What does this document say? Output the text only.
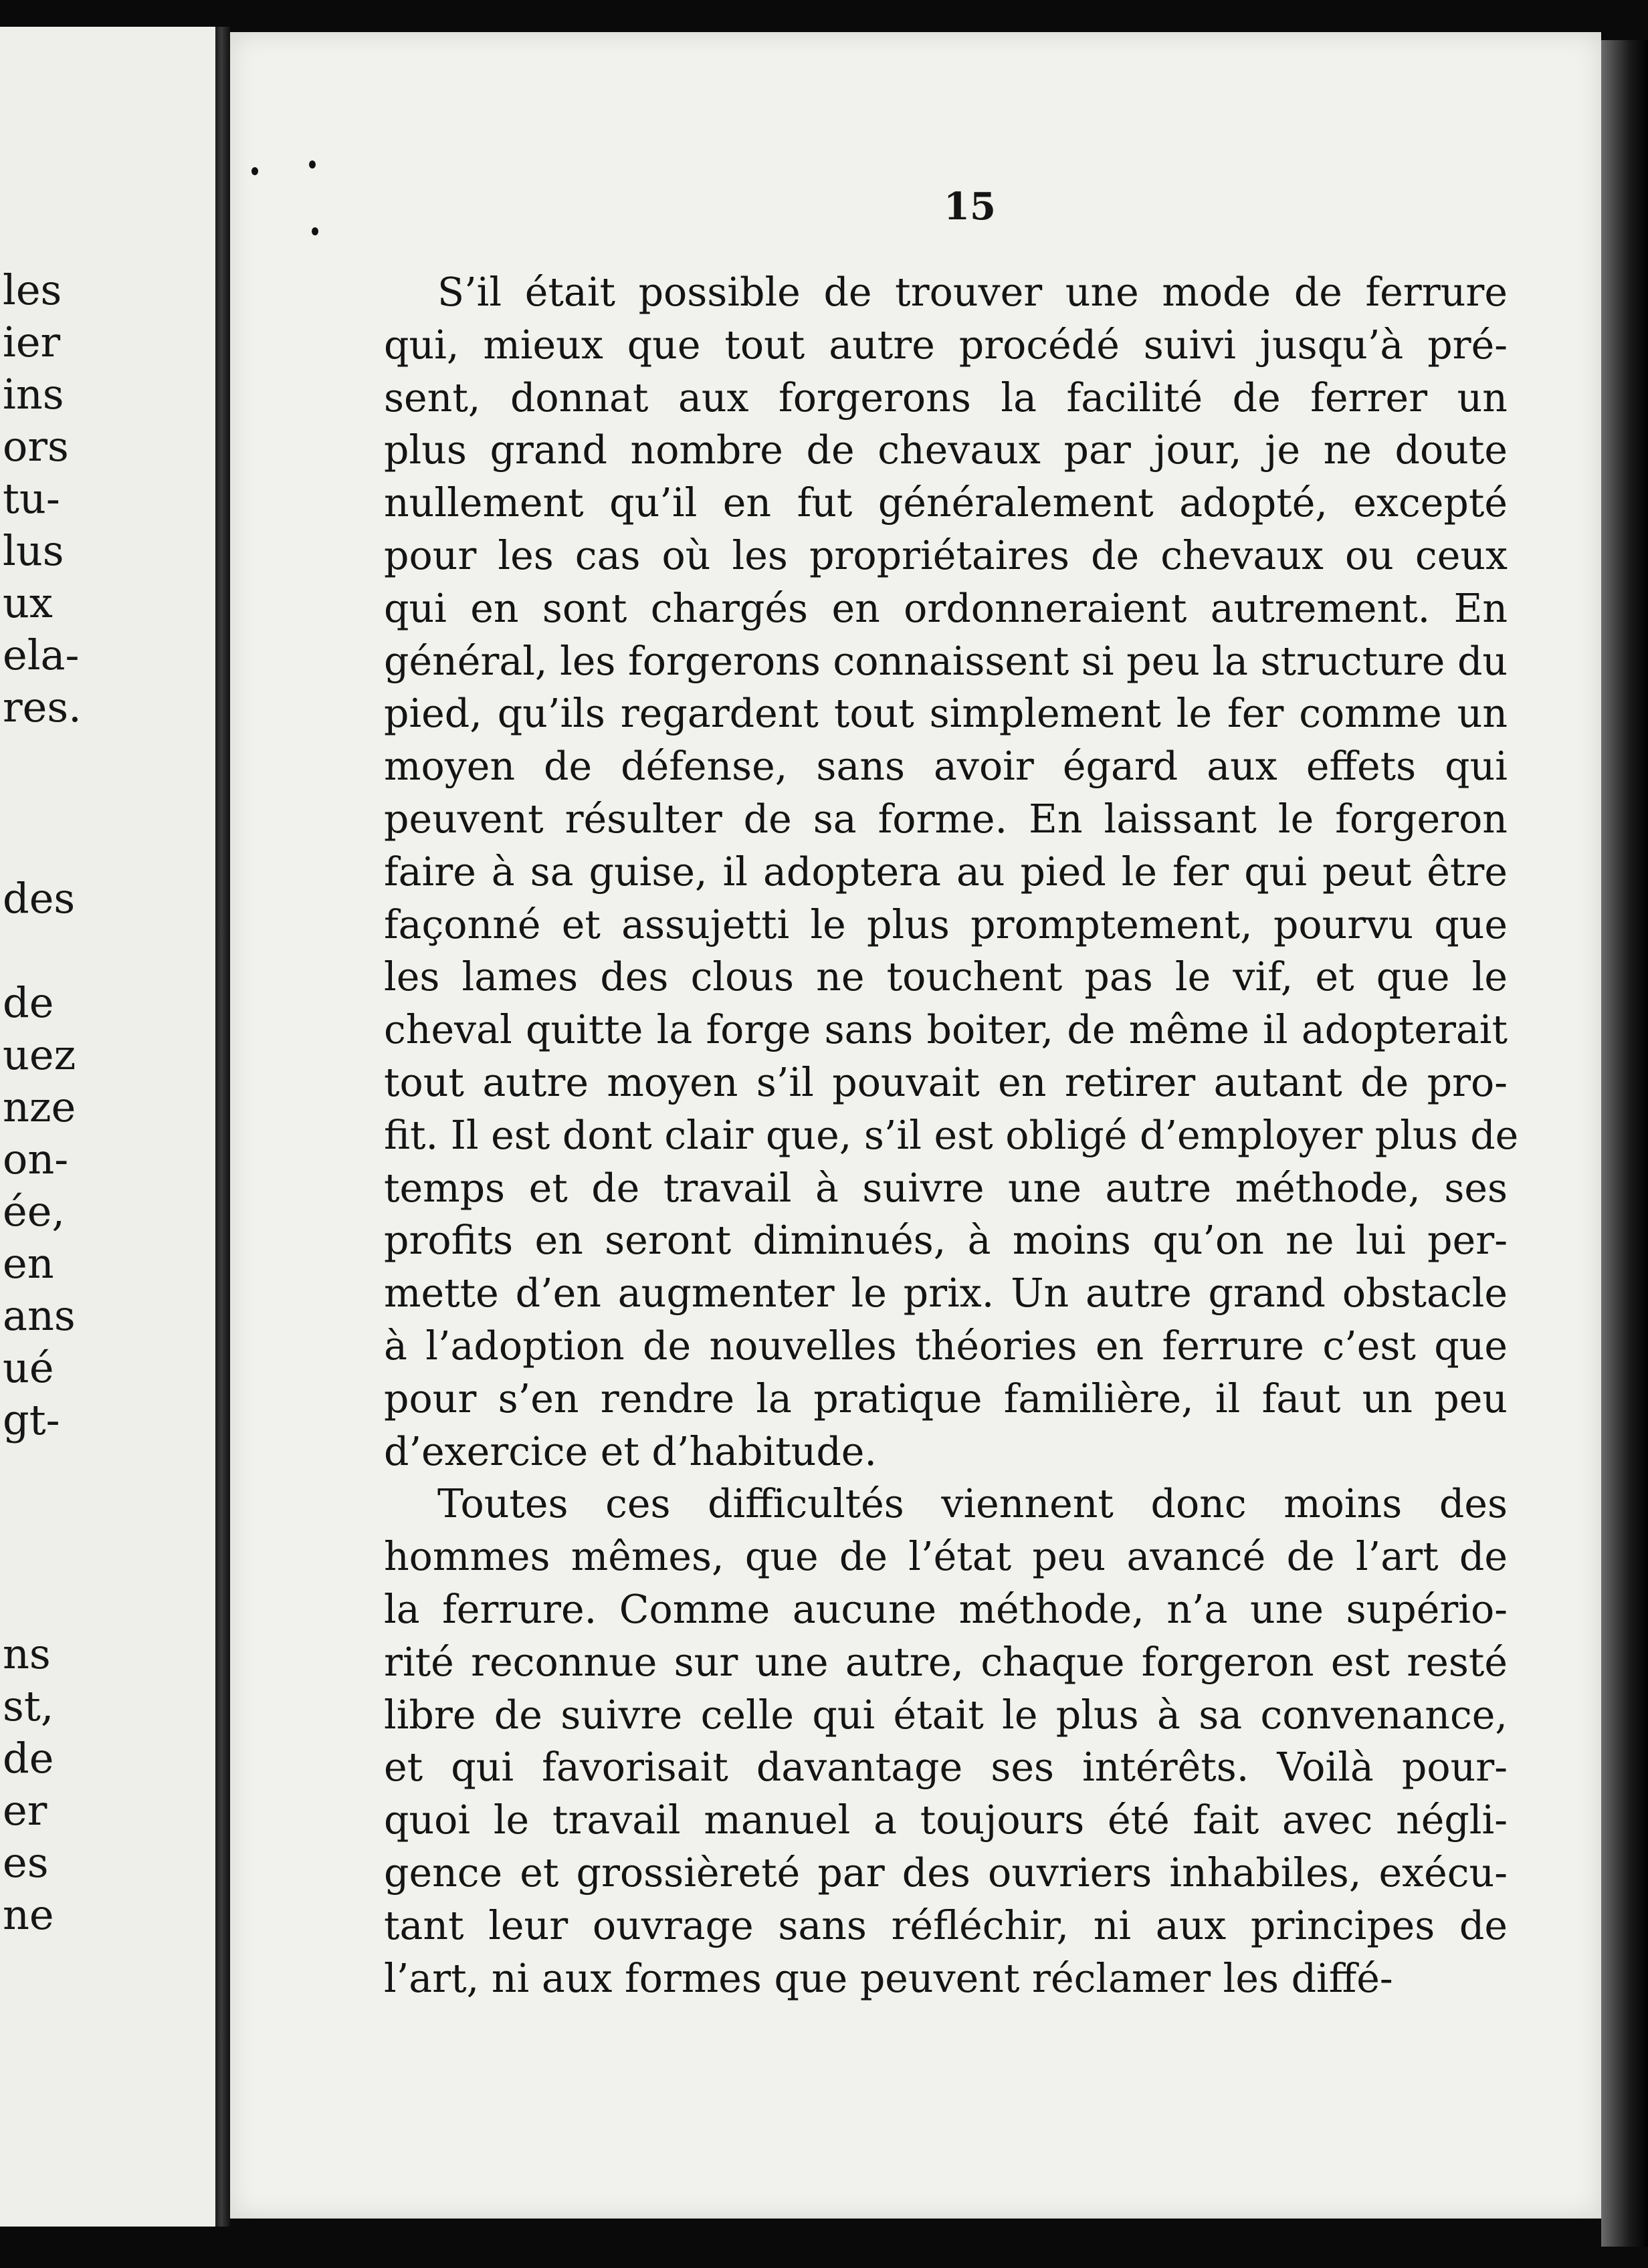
les

ier

ins

ors

tu-

lus

ux

ela-

res.

des

de

uez

nze

on-

ée,

en

ans

ué

gt-

ns

st,

de

er

es

ne

15

S’il était possible de trouver une mode de ferrure
qui, mieux que tout autre procédé suivi jusqu’à pré-
sent, donnat aux forgerons la facilité de ferrer un
plus grand nombre de chevaux par jour, je ne doute
nullement qu’il en fut généralement adopté, excepté
pour les cas où les propriétaires de chevaux ou ceux
qui en sont chargés en ordonneraient autrement. En
général, les forgerons connaissent si peu la structure du
pied, qu’ils regardent tout simplement le fer comme un
moyen de défense, sans avoir égard aux effets qui
peuvent résulter de sa forme. En laissant le forgeron
faire à sa guise, il adoptera au pied le fer qui peut être
façonné et assujetti le plus promptement, pourvu que
les lames des clous ne touchent pas le vif, et que le
cheval quitte la forge sans boiter, de même il adopterait
tout autre moyen s’il pouvait en retirer autant de pro-
fit. Il est dont clair que, s’il est obligé d’employer plus de
temps et de travail à suivre une autre méthode, ses
profits en seront diminués, à moins qu’on ne lui per-
mette d’en augmenter le prix. Un autre grand obstacle
à l’adoption de nouvelles théories en ferrure c’est que
pour s’en rendre la pratique familière, il faut un peu
d’exercice et d’habitude.
Toutes ces difficultés viennent donc moins des
hommes mêmes, que de l’état peu avancé de l’art de
la ferrure. Comme aucune méthode, n’a une supério-
rité reconnue sur une autre, chaque forgeron est resté
libre de suivre celle qui était le plus à sa convenance,
et qui favorisait davantage ses intérêts. Voilà pour-
quoi le travail manuel a toujours été fait avec négli-
gence et grossièreté par des ouvriers inhabiles, exécu-
tant leur ouvrage sans réfléchir, ni aux principes de
l’art, ni aux formes que peuvent réclamer les diffé-
